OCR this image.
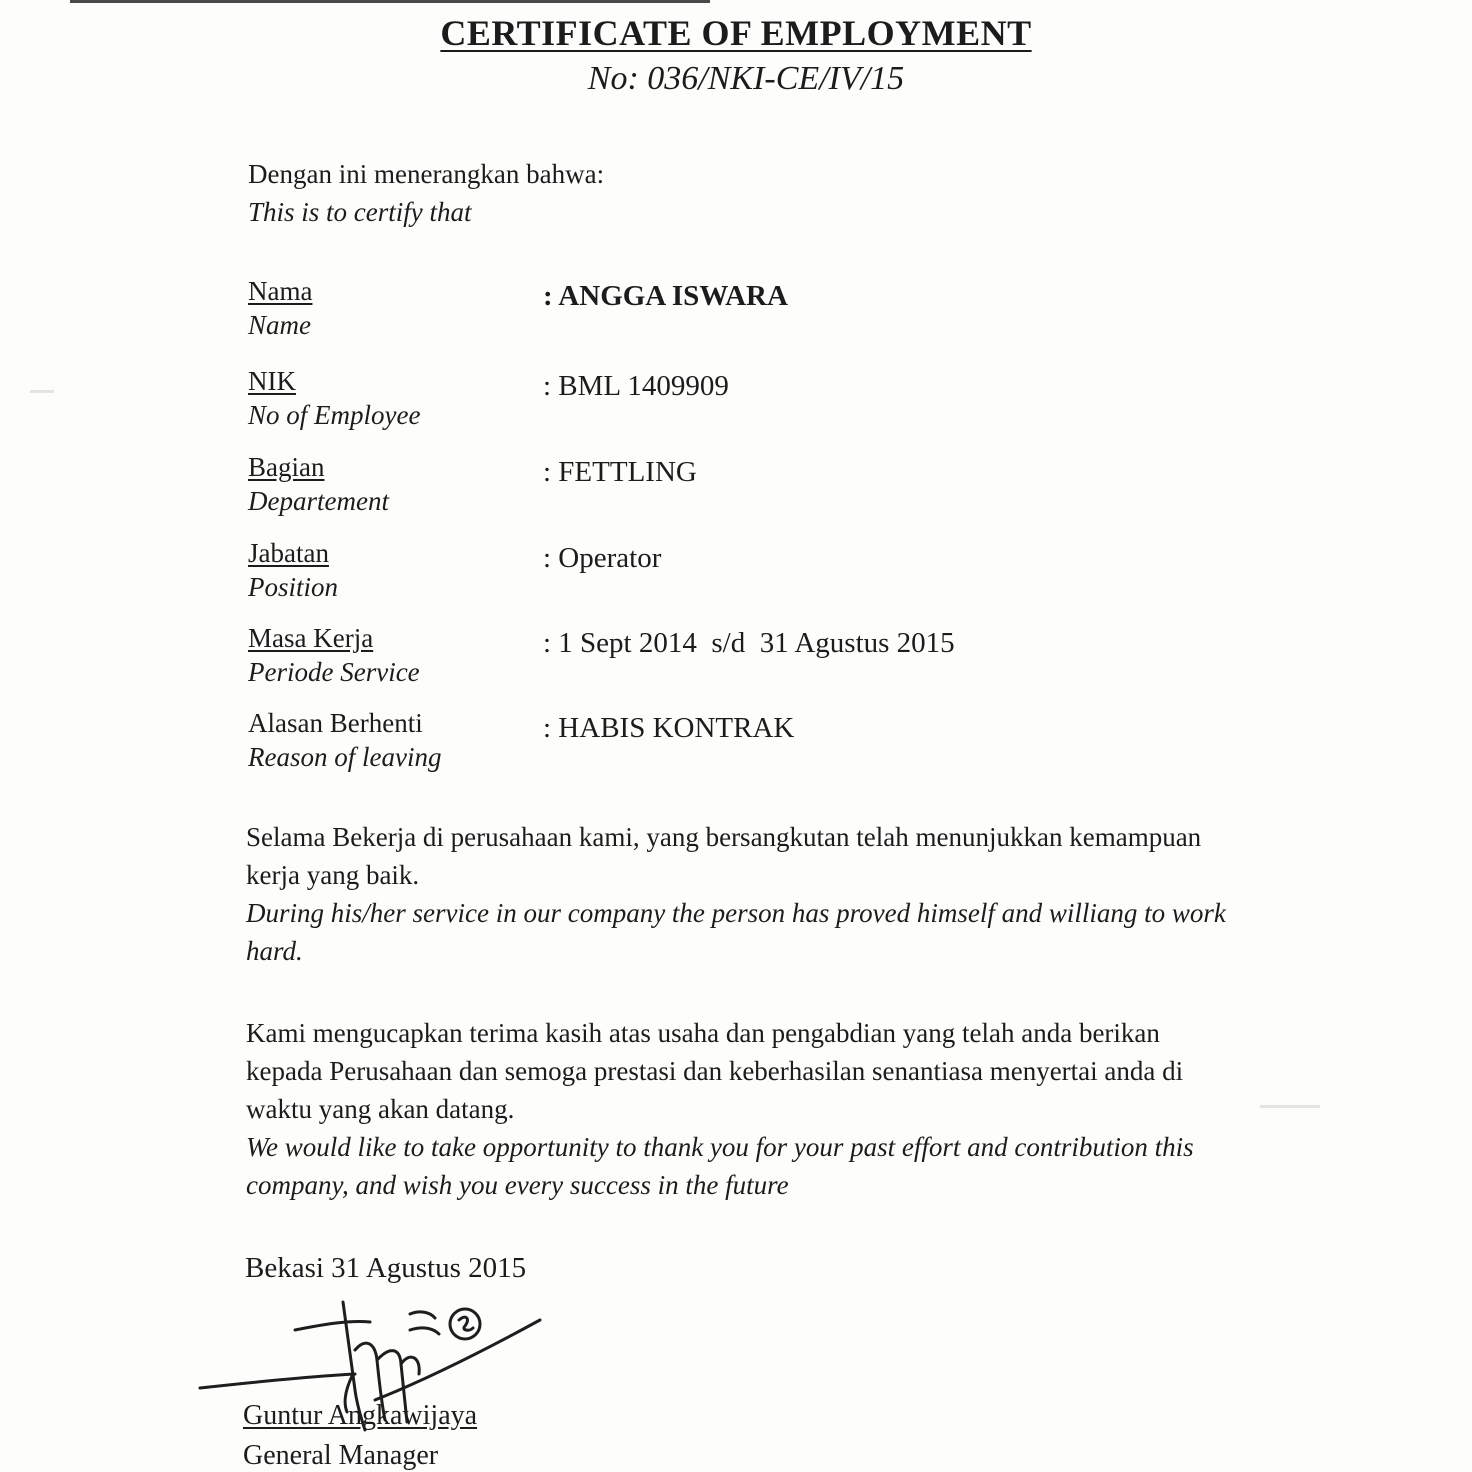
CERTIFICATE OF EMPLOYMENT
No: 036/NKI-CE/IV/15
Dengan ini menerangkan bahwa:
This is to certify that
Nama
Name
: ANGGA ISWARA
NIK
No of Employee
: BML 1409909
Bagian
Departement
: FETTLING
Jabatan
Position
: Operator
Masa Kerja
Periode Service
: 1 Sept 2014  s/d  31 Agustus 2015
Alasan Berhenti
Reason of leaving
: HABIS KONTRAK
Selama Bekerja di perusahaan kami, yang bersangkutan telah menunjukkan kemampuan kerja yang baik.
During his/her service in our company the person has proved himself and williang to work hard.
Kami mengucapkan terima kasih atas usaha dan pengabdian yang telah anda berikan kepada Perusahaan dan semoga prestasi dan keberhasilan senantiasa menyertai anda di waktu yang akan datang.
We would like to take opportunity to thank you for your past effort and contribution this company, and wish you every success in the future
Bekasi 31 Agustus 2015
Guntur Angkawijaya
General Manager
